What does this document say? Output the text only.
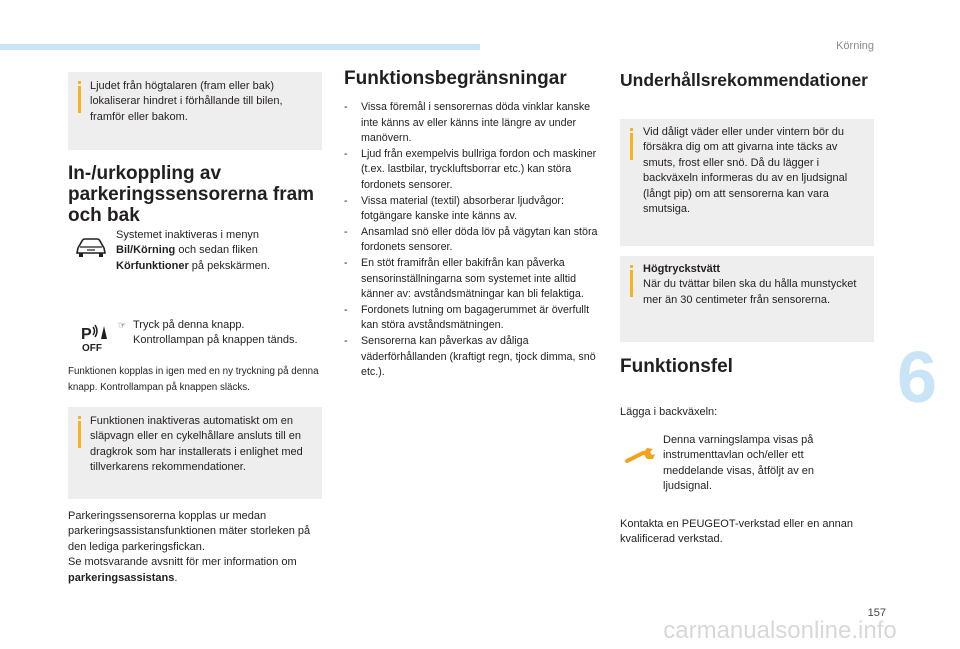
Körning

Ljudet från högtalaren (fram eller bak) lokaliserar hindret i förhållande till bilen, framför eller bakom.

In-/urkoppling av parkeringssensorerna fram och bak
Systemet inaktiveras i menyn
Bil/Körning och sedan fliken
Körfunktioner på pekskärmen.
P
OFF
☞ Tryck på denna knapp.
Kontrollampan på knappen tänds.

Funktionen kopplas in igen med en ny tryckning på denna knapp. Kontrollampan på knappen släcks.

Funktionen inaktiveras automatiskt om en släpvagn eller en cykelhållare ansluts till en dragkrok som har installerats i enlighet med tillverkarens rekommendationer.

Parkeringssensorerna kopplas ur medan parkeringsassistansfunktionen mäter storleken på den lediga parkeringsfickan.
Se motsvarande avsnitt för mer information om parkeringsassistans.
Funktionsbegränsningar
- Vissa föremål i sensorernas döda vinklar kanske inte känns av eller känns inte längre av under manövern.
- Ljud från exempelvis bullriga fordon och maskiner (t.ex. lastbilar, tryckluftsborrar etc.) kan störa fordonets sensorer.
- Vissa material (textil) absorberar ljudvågor: fotgängare kanske inte känns av.
- Ansamlad snö eller döda löv på vägytan kan störa fordonets sensorer.
- En stöt framifrån eller bakifrån kan påverka sensorinställningarna som systemet inte alltid känner av: avståndsmätningar kan bli felaktiga.
- Fordonets lutning om bagagerummet är överfullt kan störa avståndsmätningen.
- Sensorerna kan påverkas av dåliga väderförhållanden (kraftigt regn, tjock dimma, snö etc.).
Underhållsrekommendationer

Vid dåligt väder eller under vintern bör du försäkra dig om att givarna inte täcks av smuts, frost eller snö. Då du lägger i backväxeln informeras du av en ljudsignal (långt pip) om att sensorerna kan vara smutsiga.

Högtryckstvätt
När du tvättar bilen ska du hålla munstycket mer än 30 centimeter från sensorerna.

Funktionsfel

Lägga i backväxeln:

Denna varningslampa visas på instrumenttavlan och/eller ett meddelande visas, åtföljt av en ljudsignal.

Kontakta en PEUGEOT-verkstad eller en annan kvalificerad verkstad.

6
157
carmanualsonline.info
